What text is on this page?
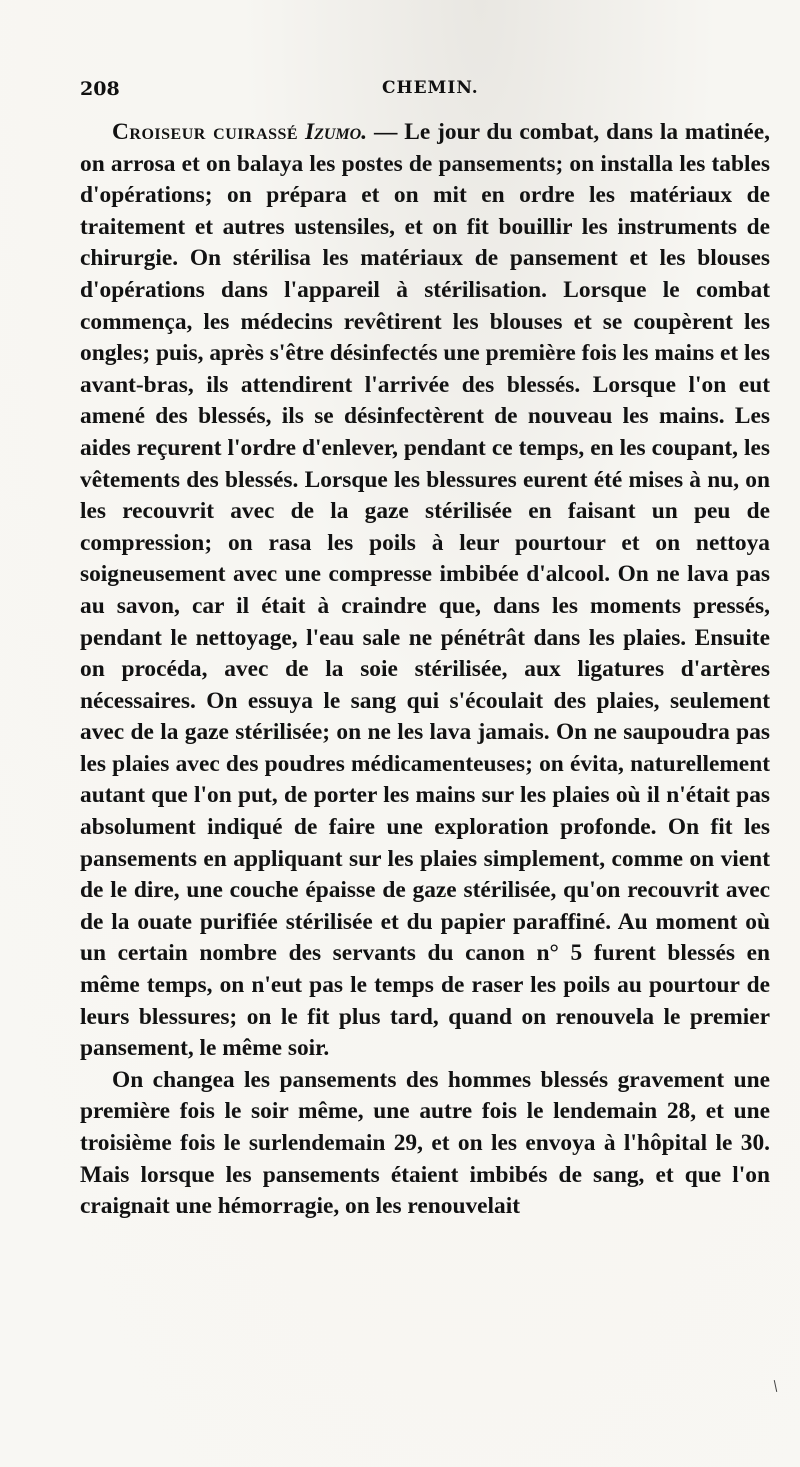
208	CHEMIN.

Croiseur cuirassé Izumo. — Le jour du combat, dans la matinée, on arrosa et on balaya les postes de pansements; on installa les tables d'opérations; on prépara et on mit en ordre les matériaux de traitement et autres ustensiles, et on fit bouillir les instruments de chirurgie. On stérilisa les matériaux de pansement et les blouses d'opérations dans l'appareil à stérilisation. Lorsque le combat commença, les médecins revêtirent les blouses et se coupèrent les ongles; puis, après s'être désinfectés une première fois les mains et les avant-bras, ils attendirent l'arrivée des blessés. Lorsque l'on eut amené des blessés, ils se désinfectèrent de nouveau les mains. Les aides reçurent l'ordre d'enlever, pendant ce temps, en les coupant, les vêtements des blessés. Lorsque les blessures eurent été mises à nu, on les recouvrit avec de la gaze stérilisée en faisant un peu de compression; on rasa les poils à leur pourtour et on nettoya soigneusement avec une compresse imbibée d'alcool. On ne lava pas au savon, car il était à craindre que, dans les moments pressés, pendant le nettoyage, l'eau sale ne pénétrât dans les plaies. Ensuite on procéda, avec de la soie stérilisée, aux ligatures d'artères nécessaires. On essuya le sang qui s'écoulait des plaies, seulement avec de la gaze stérilisée; on ne les lava jamais. On ne saupoudra pas les plaies avec des poudres médicamenteuses; on évita, naturellement autant que l'on put, de porter les mains sur les plaies où il n'était pas absolument indiqué de faire une exploration profonde. On fit les pansements en appliquant sur les plaies simplement, comme on vient de le dire, une couche épaisse de gaze stérilisée, qu'on recouvrit avec de la ouate purifiée stérilisée et du papier paraffiné. Au moment où un certain nombre des servants du canon n° 5 furent blessés en même temps, on n'eut pas le temps de raser les poils au pourtour de leurs blessures; on le fit plus tard, quand on renouvela le premier pansement, le même soir.

On changea les pansements des hommes blessés gravement une première fois le soir même, une autre fois le lendemain 28, et une troisième fois le surlendemain 29, et on les envoya à l'hôpital le 30. Mais lorsque les pansements étaient imbibés de sang, et que l'on craignait une hémorragie, on les renouvelait
